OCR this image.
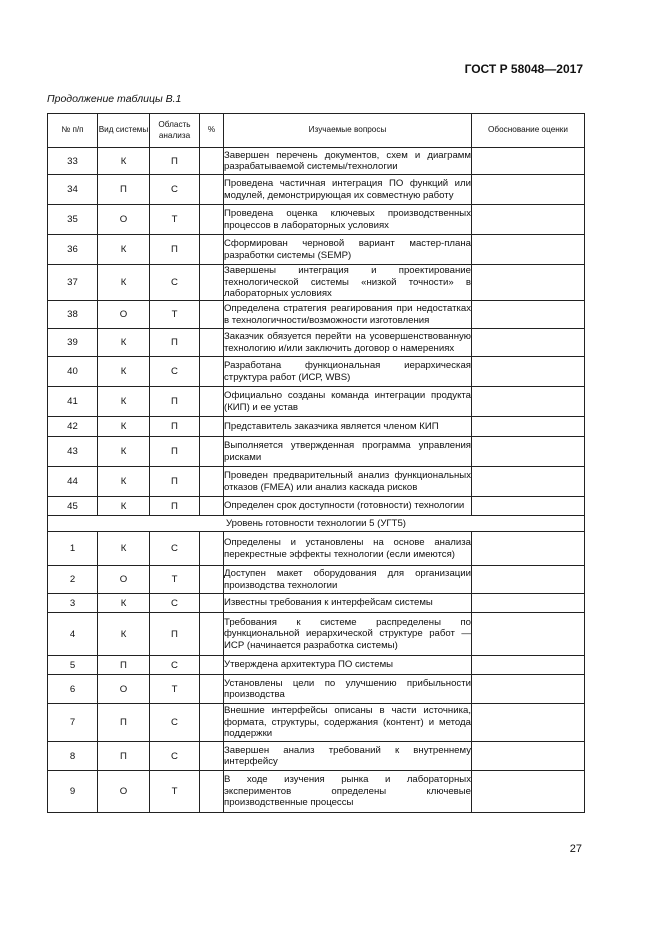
ГОСТ Р 58048—2017
Продолжение таблицы В.1
№ п/п	Вид системы	Область анализа	%	Изучаемые вопросы	Обоснование оценки
33	К	П		Завершен перечень документов, схем и диаграмм разрабатываемой системы/технологии	
34	П	С		Проведена частичная интеграция ПО функций или модулей, демонстрирующая их совместную работу	
35	О	Т		Проведена оценка ключевых производственных процессов в лабораторных условиях	
36	К	П		Сформирован черновой вариант мастер-плана разработки системы (SEMP)	
37	К	С		Завершены интеграция и проектирование технологической системы «низкой точности» в лабораторных условиях	
38	О	Т		Определена стратегия реагирования при недостатках в технологичности/возможности изготовления	
39	К	П		Заказчик обязуется перейти на усовершенствованную технологию и/или заключить договор о намерениях	
40	К	С		Разработана функциональная иерархическая структура работ (ИСР, WBS)	
41	К	П		Официально созданы команда интеграции продукта (КИП) и ее устав	
42	К	П		Представитель заказчика является членом КИП	
43	К	П		Выполняется утвержденная программа управления рисками	
44	К	П		Проведен предварительный анализ функциональных отказов (FMEA) или анализ каскада рисков	
45	К	П		Определен срок доступности (готовности) технологии	
Уровень готовности технологии 5 (УГТ5)					
1	К	С		Определены и установлены на основе анализа перекрестные эффекты технологии (если имеются)	
2	О	Т		Доступен макет оборудования для организации производства технологии	
3	К	С		Известны требования к интерфейсам системы	
4	К	П		Требования к системе распределены по функциональной иерархической структуре работ — ИСР (начинается разработка системы)	
5	П	С		Утверждена архитектура ПО системы	
6	О	Т		Установлены цели по улучшению прибыльности производства	
7	П	С		Внешние интерфейсы описаны в части источника, формата, структуры, содержания (контент) и метода поддержки	
8	П	С		Завершен анализ требований к внутреннему интерфейсу	
9	О	Т		В ходе изучения рынка и лабораторных экспериментов определены ключевые производственные процессы	
27
